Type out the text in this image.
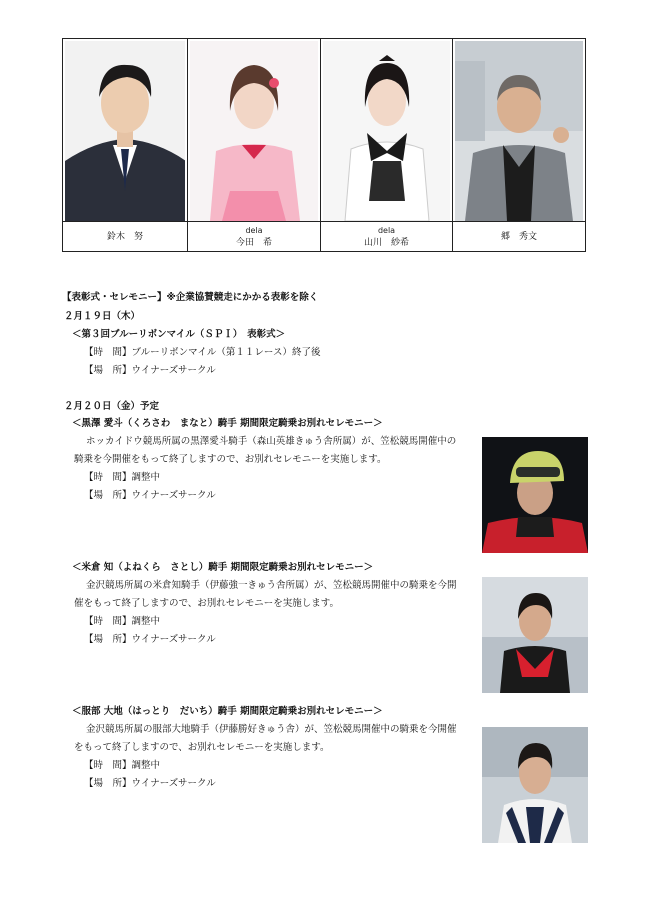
鈴木　努
dela
今田　希
dela
山川　紗希
郷　秀文
【表彰式・セレモニー】※企業協賛競走にかかる表彰を除く
２月１９日（木）
＜第３回ブルーリボンマイル（ＳＰＩ）　表彰式＞
【時　間】ブルーリボンマイル（第１１レース）終了後
【場　所】ウイナーズサークル
２月２０日（金）予定
＜黒澤 愛斗（くろさわ　まなと）騎手 期間限定騎乗お別れセレモニー＞
ホッカイドウ競馬所属の黒澤愛斗騎手（森山英雄きゅう舎所属）が、笠松競馬開催中の
騎乗を今開催をもって終了しますので、お別れセレモニーを実施します。
【時　間】調整中
【場　所】ウイナーズサークル
＜米倉 知（よねくら　さとし）騎手 期間限定騎乗お別れセレモニー＞
金沢競馬所属の米倉知騎手（伊藤強一きゅう舎所属）が、笠松競馬開催中の騎乗を今開
催をもって終了しますので、お別れセレモニーを実施します。
【時　間】調整中
【場　所】ウイナーズサークル
＜服部 大地（はっとり　だいち）騎手 期間限定騎乗お別れセレモニー＞
金沢競馬所属の服部大地騎手（伊藤勝好きゅう舎）が、笠松競馬開催中の騎乗を今開催
をもって終了しますので、お別れセレモニーを実施します。
【時　間】調整中
【場　所】ウイナーズサークル
